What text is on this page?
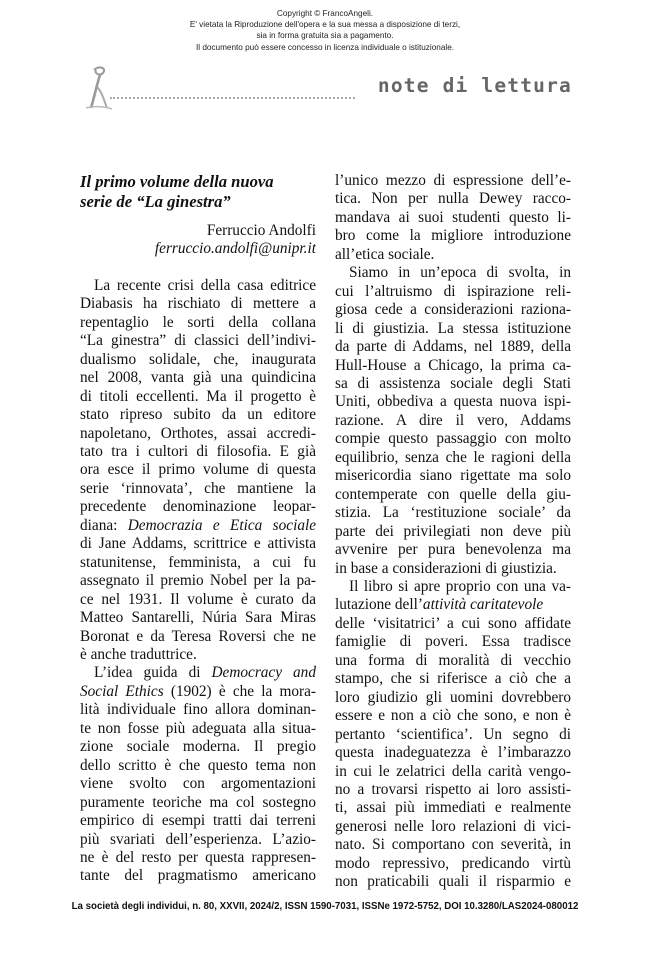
Copyright © FrancoAngeli.
E' vietata la Riproduzione dell'opera e la sua messa a disposizione di terzi,
sia in forma gratuita sia a pagamento.
Il documento può essere concesso in licenza individuale o istituzionale.
note di lettura
Il primo volume della nuova
serie de “La ginestra”
Ferruccio Andolfi
ferruccio.andolfi@unipr.it
La recente crisi della casa editrice
Diabasis ha rischiato di mettere a
repentaglio le sorti della collana
“La ginestra” di classici dell’indivi-
dualismo solidale, che, inaugurata
nel 2008, vanta già una quindicina
di titoli eccellenti. Ma il progetto è
stato ripreso subito da un editore
napoletano, Orthotes, assai accredi-
tato tra i cultori di filosofia. E già
ora esce il primo volume di questa
serie ‘rinnovata’, che mantiene la
precedente denominazione leopar-
diana: Democrazia e Etica sociale
di Jane Addams, scrittrice e attivista
statunitense, femminista, a cui fu
assegnato il premio Nobel per la pa-
ce nel 1931. Il volume è curato da
Matteo Santarelli, Núria Sara Miras
Boronat e da Teresa Roversi che ne
è anche traduttrice.
L’idea guida di Democracy and
Social Ethics (1902) è che la mora-
lità individuale fino allora dominan-
te non fosse più adeguata alla situa-
zione sociale moderna. Il pregio
dello scritto è che questo tema non
viene svolto con argomentazioni
puramente teoriche ma col sostegno
empirico di esempi tratti dai terreni
più svariati dell’esperienza. L’azio-
ne è del resto per questa rappresen-
tante del pragmatismo americano
l’unico mezzo di espressione dell’e-
tica. Non per nulla Dewey racco-
mandava ai suoi studenti questo li-
bro come la migliore introduzione
all’etica sociale.
Siamo in un’epoca di svolta, in
cui l’altruismo di ispirazione reli-
giosa cede a considerazioni raziona-
li di giustizia. La stessa istituzione
da parte di Addams, nel 1889, della
Hull-House a Chicago, la prima ca-
sa di assistenza sociale degli Stati
Uniti, obbediva a questa nuova ispi-
razione. A dire il vero, Addams
compie questo passaggio con molto
equilibrio, senza che le ragioni della
misericordia siano rigettate ma solo
contemperate con quelle della giu-
stizia. La ‘restituzione sociale’ da
parte dei privilegiati non deve più
avvenire per pura benevolenza ma
in base a considerazioni di giustizia.
Il libro si apre proprio con una va-
lutazione dell’attività caritatevole
delle ‘visitatrici’ a cui sono affidate
famiglie di poveri. Essa tradisce
una forma di moralità di vecchio
stampo, che si riferisce a ciò che a
loro giudizio gli uomini dovrebbero
essere e non a ciò che sono, e non è
pertanto ‘scientifica’. Un segno di
questa inadeguatezza è l’imbarazzo
in cui le zelatrici della carità vengo-
no a trovarsi rispetto ai loro assisti-
ti, assai più immediati e realmente
generosi nelle loro relazioni di vici-
nato. Si comportano con severità, in
modo repressivo, predicando virtù
non praticabili quali il risparmio e
La società degli individui, n. 80, XXVII, 2024/2, ISSN 1590-7031, ISSNe 1972-5752, DOI 10.3280/LAS2024-080012
